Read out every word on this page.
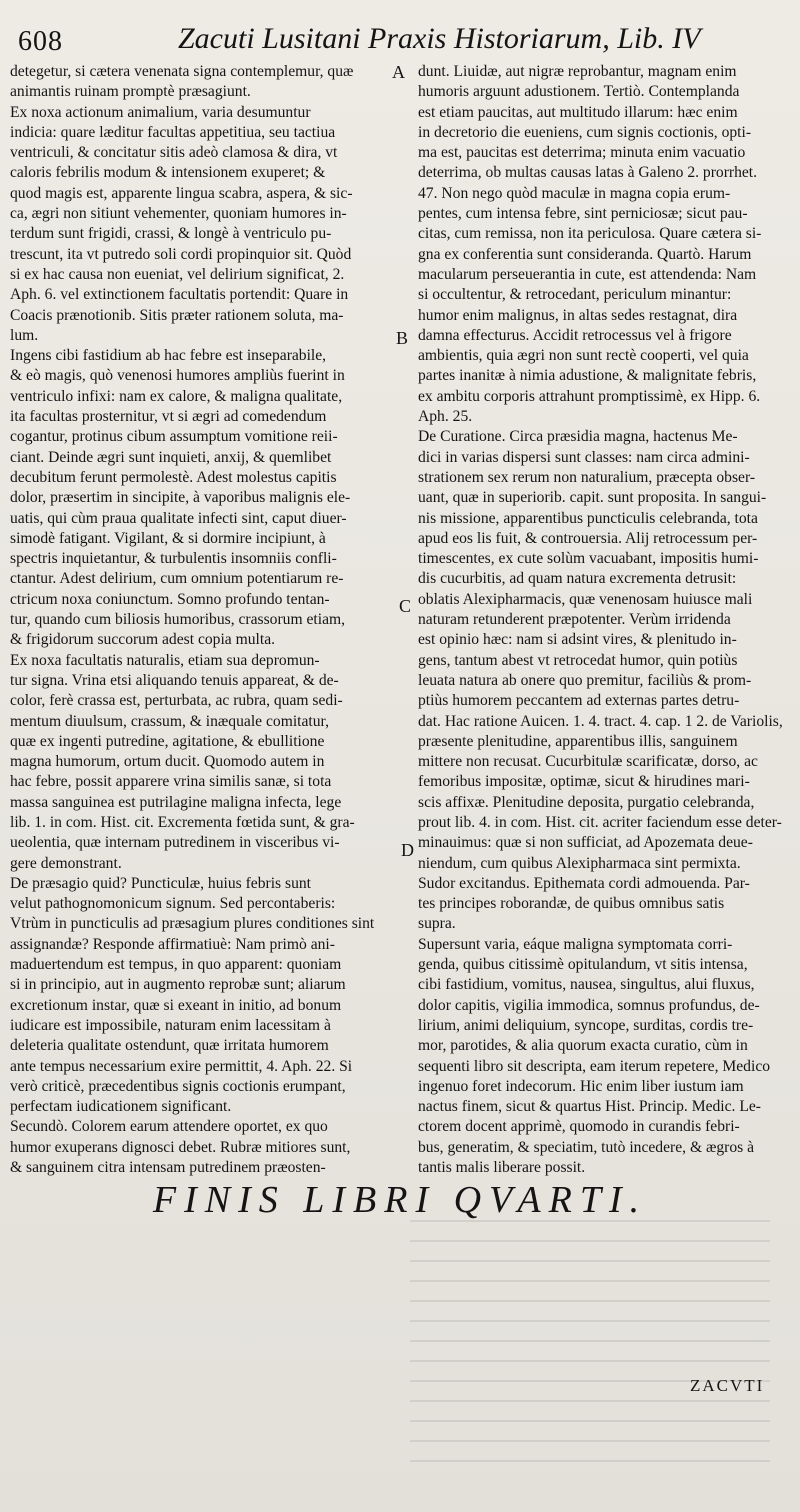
608	Zacuti Lusitani Praxis Historiarum, Lib. IV
detegetur, si cætera venenata signa contemplemur, quæ
animantis ruinam promptè præsagiunt.
Ex noxa actionum animalium, varia desumuntur
indicia: quare læditur facultas appetitiua, seu tactiua
ventriculi, & concitatur sitis adeò clamosa & dira, vt
caloris febrilis modum & intensionem exuperet; &
quod magis est, apparente lingua scabra, aspera, & sic-
ca, ægri non sitiunt vehementer, quoniam humores in-
terdum sunt frigidi, crassi, & longè à ventriculo pu-
trescunt, ita vt putredo soli cordi propinquior sit. Quòd
si ex hac causa non eueniat, vel delirium significat, 2.
Aph. 6. vel extinctionem facultatis portendit: Quare in
Coacis prænotionib. Sitis præter rationem soluta, ma-
lum.
Ingens cibi fastidium ab hac febre est inseparabile,
& eò magis, quò venenosi humores ampliùs fuerint in
ventriculo infixi: nam ex calore, & maligna qualitate,
ita facultas prosternitur, vt si ægri ad comedendum
cogantur, protinus cibum assumptum vomitione reii-
ciant. Deinde ægri sunt inquieti, anxij, & quemlibet
decubitum ferunt permolestè. Adest molestus capitis
dolor, præsertim in sincipite, à vaporibus malignis ele-
uatis, qui cùm praua qualitate infecti sint, caput diuer-
simodè fatigant. Vigilant, & si dormire incipiunt, à
spectris inquietantur, & turbulentis insomniis confli-
ctantur. Adest delirium, cum omnium potentiarum re-
ctricum noxa coniunctum. Somno profundo tentan-
tur, quando cum biliosis humoribus, crassorum etiam,
& frigidorum succorum adest copia multa.
Ex noxa facultatis naturalis, etiam sua depromun-
tur signa. Vrina etsi aliquando tenuis appareat, & de-
color, ferè crassa est, perturbata, ac rubra, quam sedi-
mentum diuulsum, crassum, & inæquale comitatur,
quæ ex ingenti putredine, agitatione, & ebullitione
magna humorum, ortum ducit. Quomodo autem in
hac febre, possit apparere vrina similis sanæ, si tota
massa sanguinea est putrilagine maligna infecta, lege
lib. 1. in com. Hist. cit. Excrementa fœtida sunt, & gra-
ueolentia, quæ internam putredinem in visceribus vi-
gere demonstrant.
De præsagio quid? Puncticulæ, huius febris sunt
velut pathognomonicum signum. Sed percontaberis:
Vtrùm in puncticulis ad præsagium plures conditiones sint
assignandæ? Responde affirmatiuè: Nam primò ani-
maduertendum est tempus, in quo apparent: quoniam
si in principio, aut in augmento reprobæ sunt; aliarum
excretionum instar, quæ si exeant in initio, ad bonum
iudicare est impossibile, naturam enim lacessitam à
deleteria qualitate ostendunt, quæ irritata humorem
ante tempus necessarium exire permittit, 4. Aph. 22. Si
verò criticè, præcedentibus signis coctionis erumpant,
perfectam iudicationem significant.
Secundò. Colorem earum attendere oportet, ex quo
humor exuperans dignosci debet. Rubræ mitiores sunt,
& sanguinem citra intensam putredinem præosten-
dunt. Liuidæ, aut nigræ reprobantur, magnam enim
humoris arguunt adustionem. Tertiò. Contemplanda
est etiam paucitas, aut multitudo illarum: hæc enim
in decretorio die eueniens, cum signis coctionis, opti-
ma est, paucitas est deterrima; minuta enim vacuatio
deterrima, ob multas causas latas à Galeno 2. prorrhet.
47. Non nego quòd maculæ in magna copia erum-
pentes, cum intensa febre, sint perniciosæ; sicut pau-
citas, cum remissa, non ita periculosa. Quare cætera si-
gna ex conferentia sunt consideranda. Quartò. Harum
macularum perseuerantia in cute, est attendenda: Nam
si occultentur, & retrocedant, periculum minantur:
humor enim malignus, in altas sedes restagnat, dira
damna effecturus. Accidit retrocessus vel à frigore
ambientis, quia ægri non sunt rectè cooperti, vel quia
partes inanitæ à nimia adustione, & malignitate febris,
ex ambitu corporis attrahunt promptissimè, ex Hipp. 6.
Aph. 25.
De Curatione. Circa præsidia magna, hactenus Me-
dici in varias dispersi sunt classes: nam circa admini-
strationem sex rerum non naturalium, præcepta obser-
uant, quæ in superiorib. capit. sunt proposita. In sangui-
nis missione, apparentibus puncticulis celebranda, tota
apud eos lis fuit, & controuersia. Alij retrocessum per-
timescentes, ex cute solùm vacuabant, impositis humi-
dis cucurbitis, ad quam natura excrementa detrusit:
oblatis Alexipharmacis, quæ venenosam huiusce mali
naturam retunderent præpotenter. Verùm irridenda
est opinio hæc: nam si adsint vires, & plenitudo in-
gens, tantum abest vt retrocedat humor, quin potiùs
leuata natura ab onere quo premitur, faciliùs & prom-
ptiùs humorem peccantem ad externas partes detru-
dat. Hac ratione Auicen. 1. 4. tract. 4. cap. 1 2. de Variolis,
præsente plenitudine, apparentibus illis, sanguinem
mittere non recusat. Cucurbitulæ scarificatæ, dorso, ac
femoribus impositæ, optimæ, sicut & hirudines mari-
scis affixæ. Plenitudine deposita, purgatio celebranda,
prout lib. 4. in com. Hist. cit. acriter faciendum esse deter-
minauimus: quæ si non sufficiat, ad Apozemata deue-
niendum, cum quibus Alexipharmaca sint permixta.
Sudor excitandus. Epithemata cordi admouenda. Par-
tes principes roborandæ, de quibus omnibus satis
supra.
Supersunt varia, eáque maligna symptomata corri-
genda, quibus citissimè opitulandum, vt sitis intensa,
cibi fastidium, vomitus, nausea, singultus, alui fluxus,
dolor capitis, vigilia immodica, somnus profundus, de-
lirium, animi deliquium, syncope, surditas, cordis tre-
mor, parotides, & alia quorum exacta curatio, cùm in
sequenti libro sit descripta, eam iterum repetere, Medico
ingenuo foret indecorum. Hic enim liber iustum iam
nactus finem, sicut & quartus Hist. Princip. Medic. Le-
ctorem docent apprimè, quomodo in curandis febri-
bus, generatim, & speciatim, tutò incedere, & ægros à
tantis malis liberare possit.
A
B
C
D
FINIS LIBRI QVARTI.
ZACVTI
